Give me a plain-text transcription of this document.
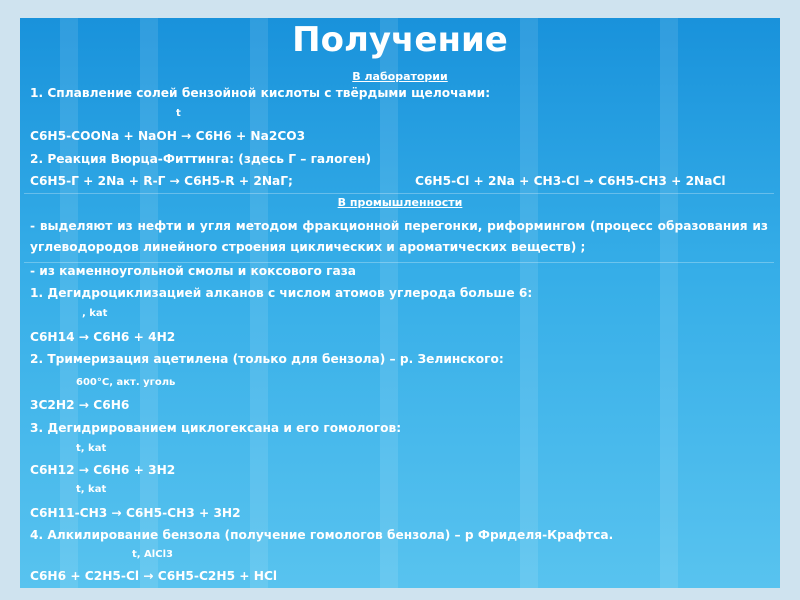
Получение
В лаборатории
1. Сплавление солей бензойной кислоты с твёрдыми щелочами:
t
C6H5-COONa + NaOH → C6H6 + Na2CO3
2. Реакция Вюрца-Фиттинга: (здесь Г – галоген)
C6H5-Г + 2Na + R-Г → C6H5-R + 2NaГ;	C6H5-Cl + 2Na + CH3-Cl → C6H5-CH3 + 2NaCl
В промышленности
- выделяют из нефти и угля методом фракционной перегонки, риформингом (процесс образования из углеводородов линейного строения циклических и ароматических веществ) ;
- из каменноугольной смолы и коксового газа
1. Дегидроциклизацией алканов с числом атомов углерода больше 6:
, kat
C6H14 → C6H6 + 4H2
2. Тримеризация ацетилена (только для бензола) – р. Зелинского:
600°C, акт. уголь
3C2H2 → C6H6
3. Дегидрированием циклогексана и его гомологов:
t, kat
C6H12 → C6H6 + 3H2
t, kat
C6H11-CH3 → C6H5-CH3 + 3H2
4. Алкилирование бензола (получение гомологов бензола) – р Фриделя-Крафтса.
t, AlCl3
C6H6 + C2H5-Cl → C6H5-C2H5 + HCl
